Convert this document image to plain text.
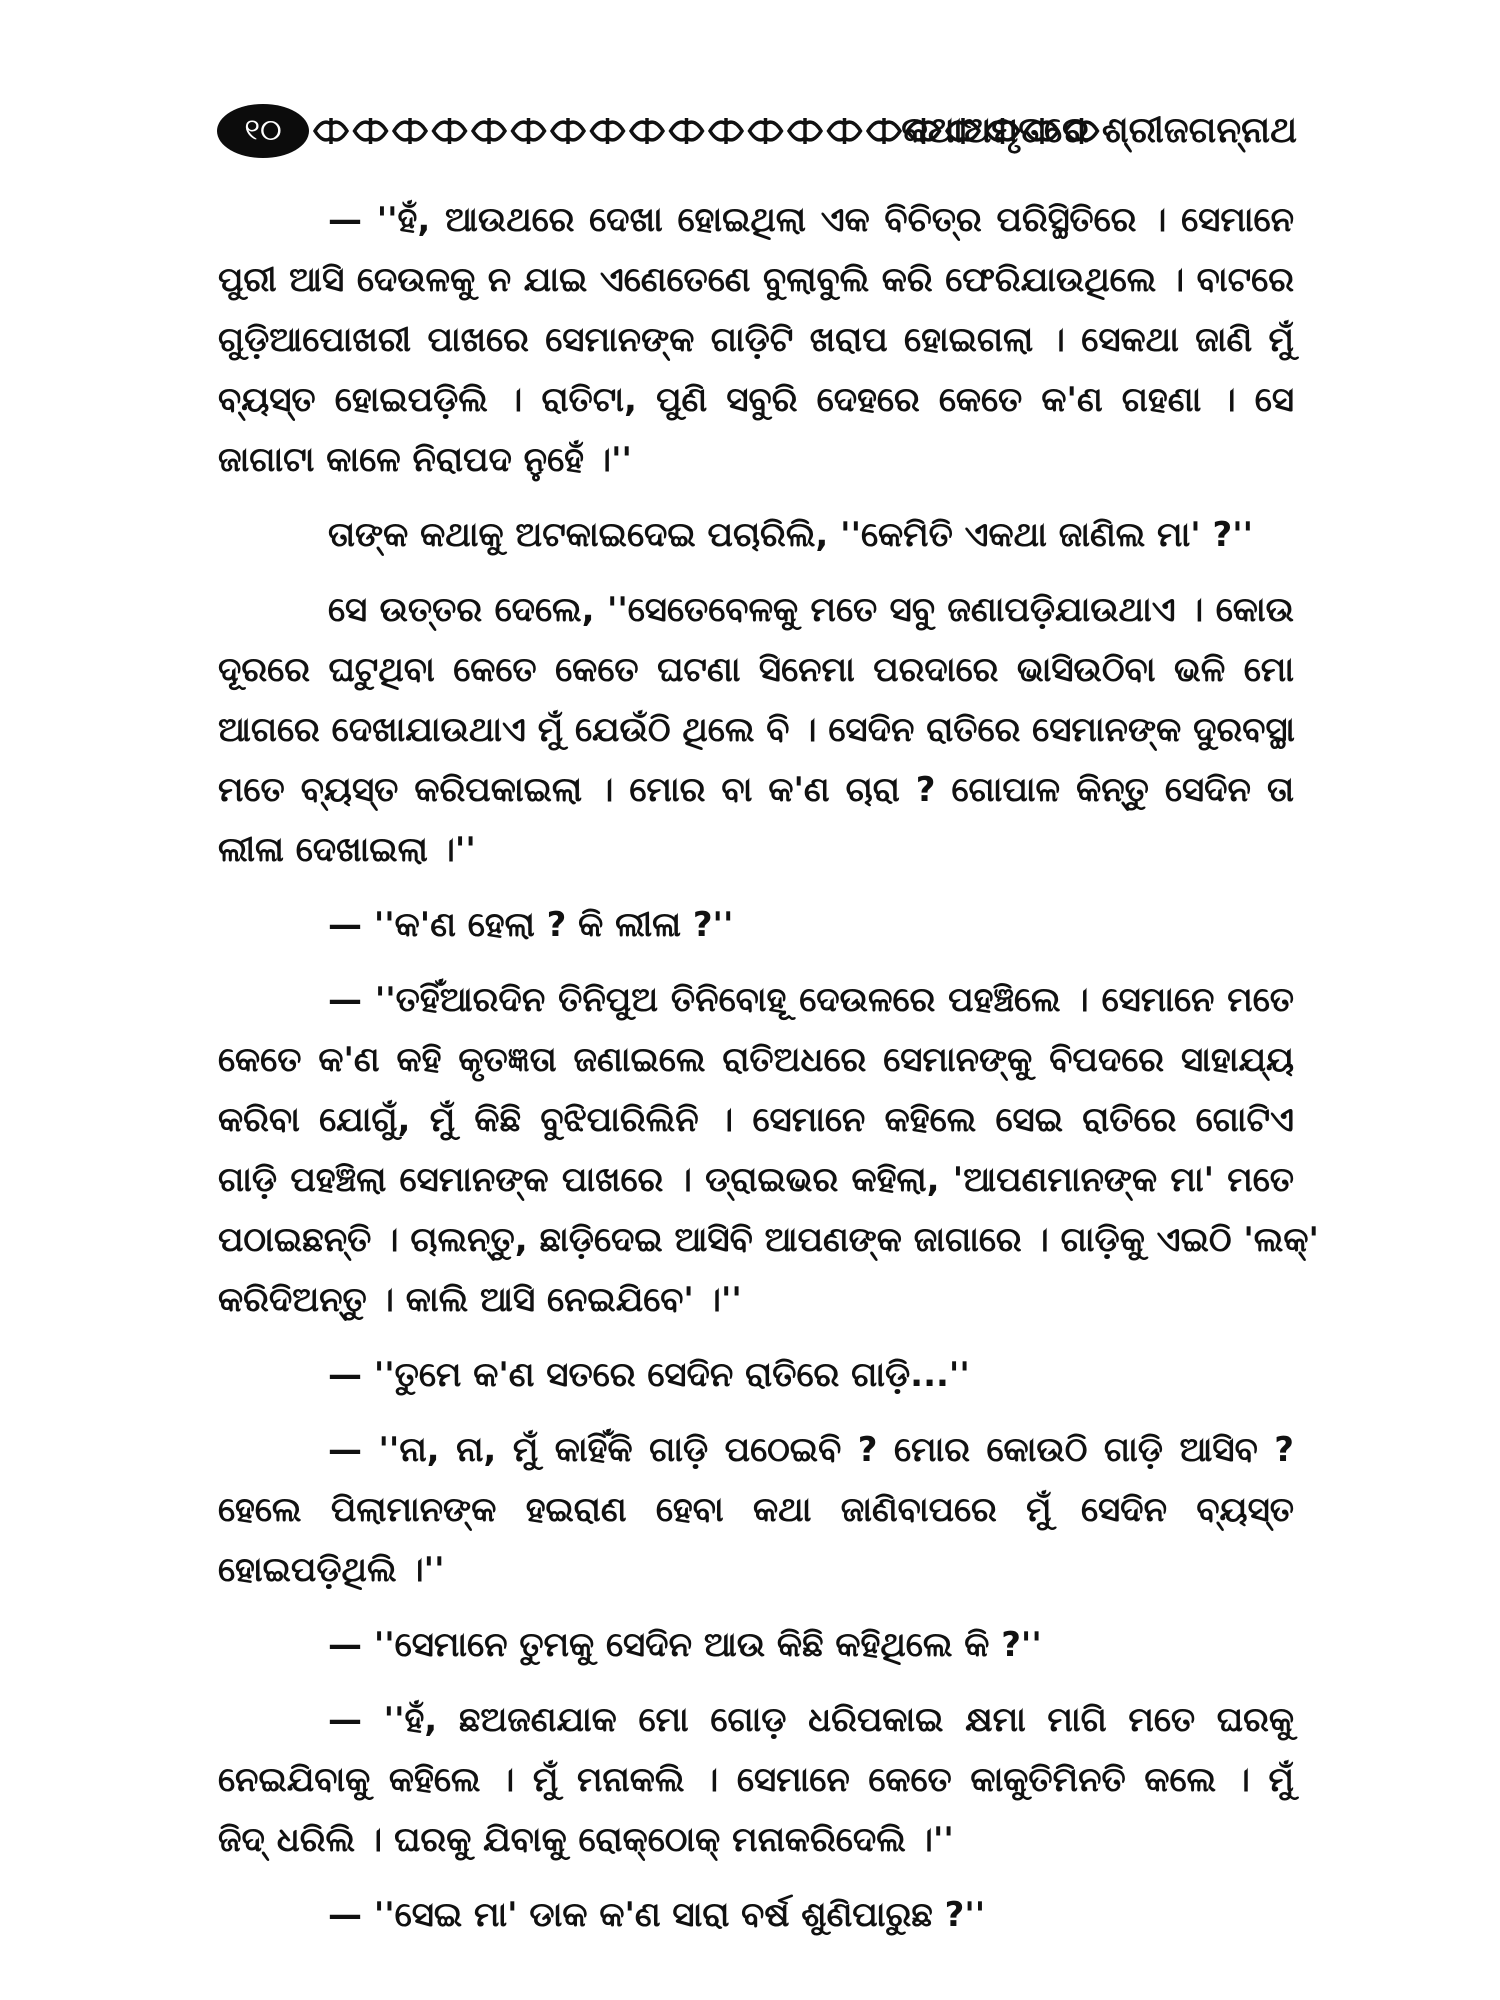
୧୦	କଥାଅମୃତରେ ଶ୍ରୀଜଗନ୍ନାଥ
— ''ହଁ, ଆଉଥରେ ଦେଖା ହୋଇଥିଲା ଏକ ବିଚିତ୍ର ପରିସ୍ଥିତିରେ । ସେମାନେ
ପୁରୀ ଆସି ଦେଉଳକୁ ନ ଯାଇ ଏଣେତେଣେ ବୁଲାବୁଲି କରି ଫେରିଯାଉଥିଲେ । ବାଟରେ
ଗୁଡ଼ିଆପୋଖରୀ ପାଖରେ ସେମାନଙ୍କ ଗାଡ଼ିଟି ଖରାପ ହୋଇଗଲା । ସେକଥା ଜାଣି ମୁଁ
ବ୍ୟସ୍ତ ହୋଇପଡ଼ିଲି । ରାତିଟା, ପୁଣି ସବୁରି ଦେହରେ କେତେ କ'ଣ ଗହଣା । ସେ
ଜାଗାଟା କାଳେ ନିରାପଦ ନୁହେଁ ।''
ତାଙ୍କ କଥାକୁ ଅଟକାଇଦେଇ ପଚାରିଲି, ''କେମିତି ଏକଥା ଜାଣିଲ ମା' ?''
ସେ ଉତ୍ତର ଦେଲେ, ''ସେତେବେଳକୁ ମତେ ସବୁ ଜଣାପଡ଼ିଯାଉଥାଏ । କୋଉ
ଦୂରରେ ଘଟୁଥିବା କେତେ କେତେ ଘଟଣା ସିନେମା ପରଦାରେ ଭାସିଉଠିବା ଭଳି ମୋ
ଆଗରେ ଦେଖାଯାଉଥାଏ ମୁଁ ଯେଉଁଠି ଥିଲେ ବି । ସେଦିନ ରାତିରେ ସେମାନଙ୍କ ଦୁରବସ୍ଥା
ମତେ ବ୍ୟସ୍ତ କରିପକାଇଲା । ମୋର ବା କ'ଣ ଚାରା ? ଗୋପାଳ କିନ୍ତୁ ସେଦିନ ତା
ଲୀଳା ଦେଖାଇଲା ।''
— ''କ'ଣ ହେଲା ? କି ଲୀଳା ?''
— ''ତହିଁଆରଦିନ ତିନିପୁଅ ତିନିବୋହୂ ଦେଉଳରେ ପହଞ୍ଚିଲେ । ସେମାନେ ମତେ
କେତେ କ'ଣ କହି କୃତଜ୍ଞତା ଜଣାଇଲେ ରାତିଅଧରେ ସେମାନଙ୍କୁ ବିପଦରେ ସାହାଯ୍ୟ
କରିବା ଯୋଗୁଁ, ମୁଁ କିଛି ବୁଝିପାରିଲିନି । ସେମାନେ କହିଲେ ସେଇ ରାତିରେ ଗୋଟିଏ
ଗାଡ଼ି ପହଞ୍ଚିଲା ସେମାନଙ୍କ ପାଖରେ । ଡ୍ରାଇଭର କହିଲା, 'ଆପଣମାନଙ୍କ ମା' ମତେ
ପଠାଇଛନ୍ତି । ଚାଲନ୍ତୁ, ଛାଡ଼ିଦେଇ ଆସିବି ଆପଣଙ୍କ ଜାଗାରେ । ଗାଡ଼ିକୁ ଏଇଠି 'ଲକ୍'
କରିଦିଅନ୍ତୁ । କାଲି ଆସି ନେଇଯିବେ' ।''
— ''ତୁମେ କ'ଣ ସତରେ ସେଦିନ ରାତିରେ ଗାଡ଼ି...''
— ''ନା, ନା, ମୁଁ କାହିଁକି ଗାଡ଼ି ପଠେଇବି ? ମୋର କୋଉଠି ଗାଡ଼ି ଆସିବ ?
ହେଲେ ପିଲାମାନଙ୍କ ହଇରାଣ ହେବା କଥା ଜାଣିବାପରେ ମୁଁ ସେଦିନ ବ୍ୟସ୍ତ
ହୋଇପଡ଼ିଥିଲି ।''
— ''ସେମାନେ ତୁମକୁ ସେଦିନ ଆଉ କିଛି କହିଥିଲେ କି ?''
— ''ହଁ, ଛଅଜଣଯାକ ମୋ ଗୋଡ଼ ଧରିପକାଇ କ୍ଷମା ମାଗି ମତେ ଘରକୁ
ନେଇଯିବାକୁ କହିଲେ । ମୁଁ ମନାକଲି । ସେମାନେ କେତେ କାକୁତିମିନତି କଲେ । ମୁଁ
ଜିଦ୍ ଧରିଲି । ଘରକୁ ଯିବାକୁ ରୋକ୍‌ଠୋକ୍ ମନାକରିଦେଲି ।''
— ''ସେଇ ମା' ଡାକ କ'ଣ ସାରା ବର୍ଷ ଶୁଣିପାରୁଛ ?''
